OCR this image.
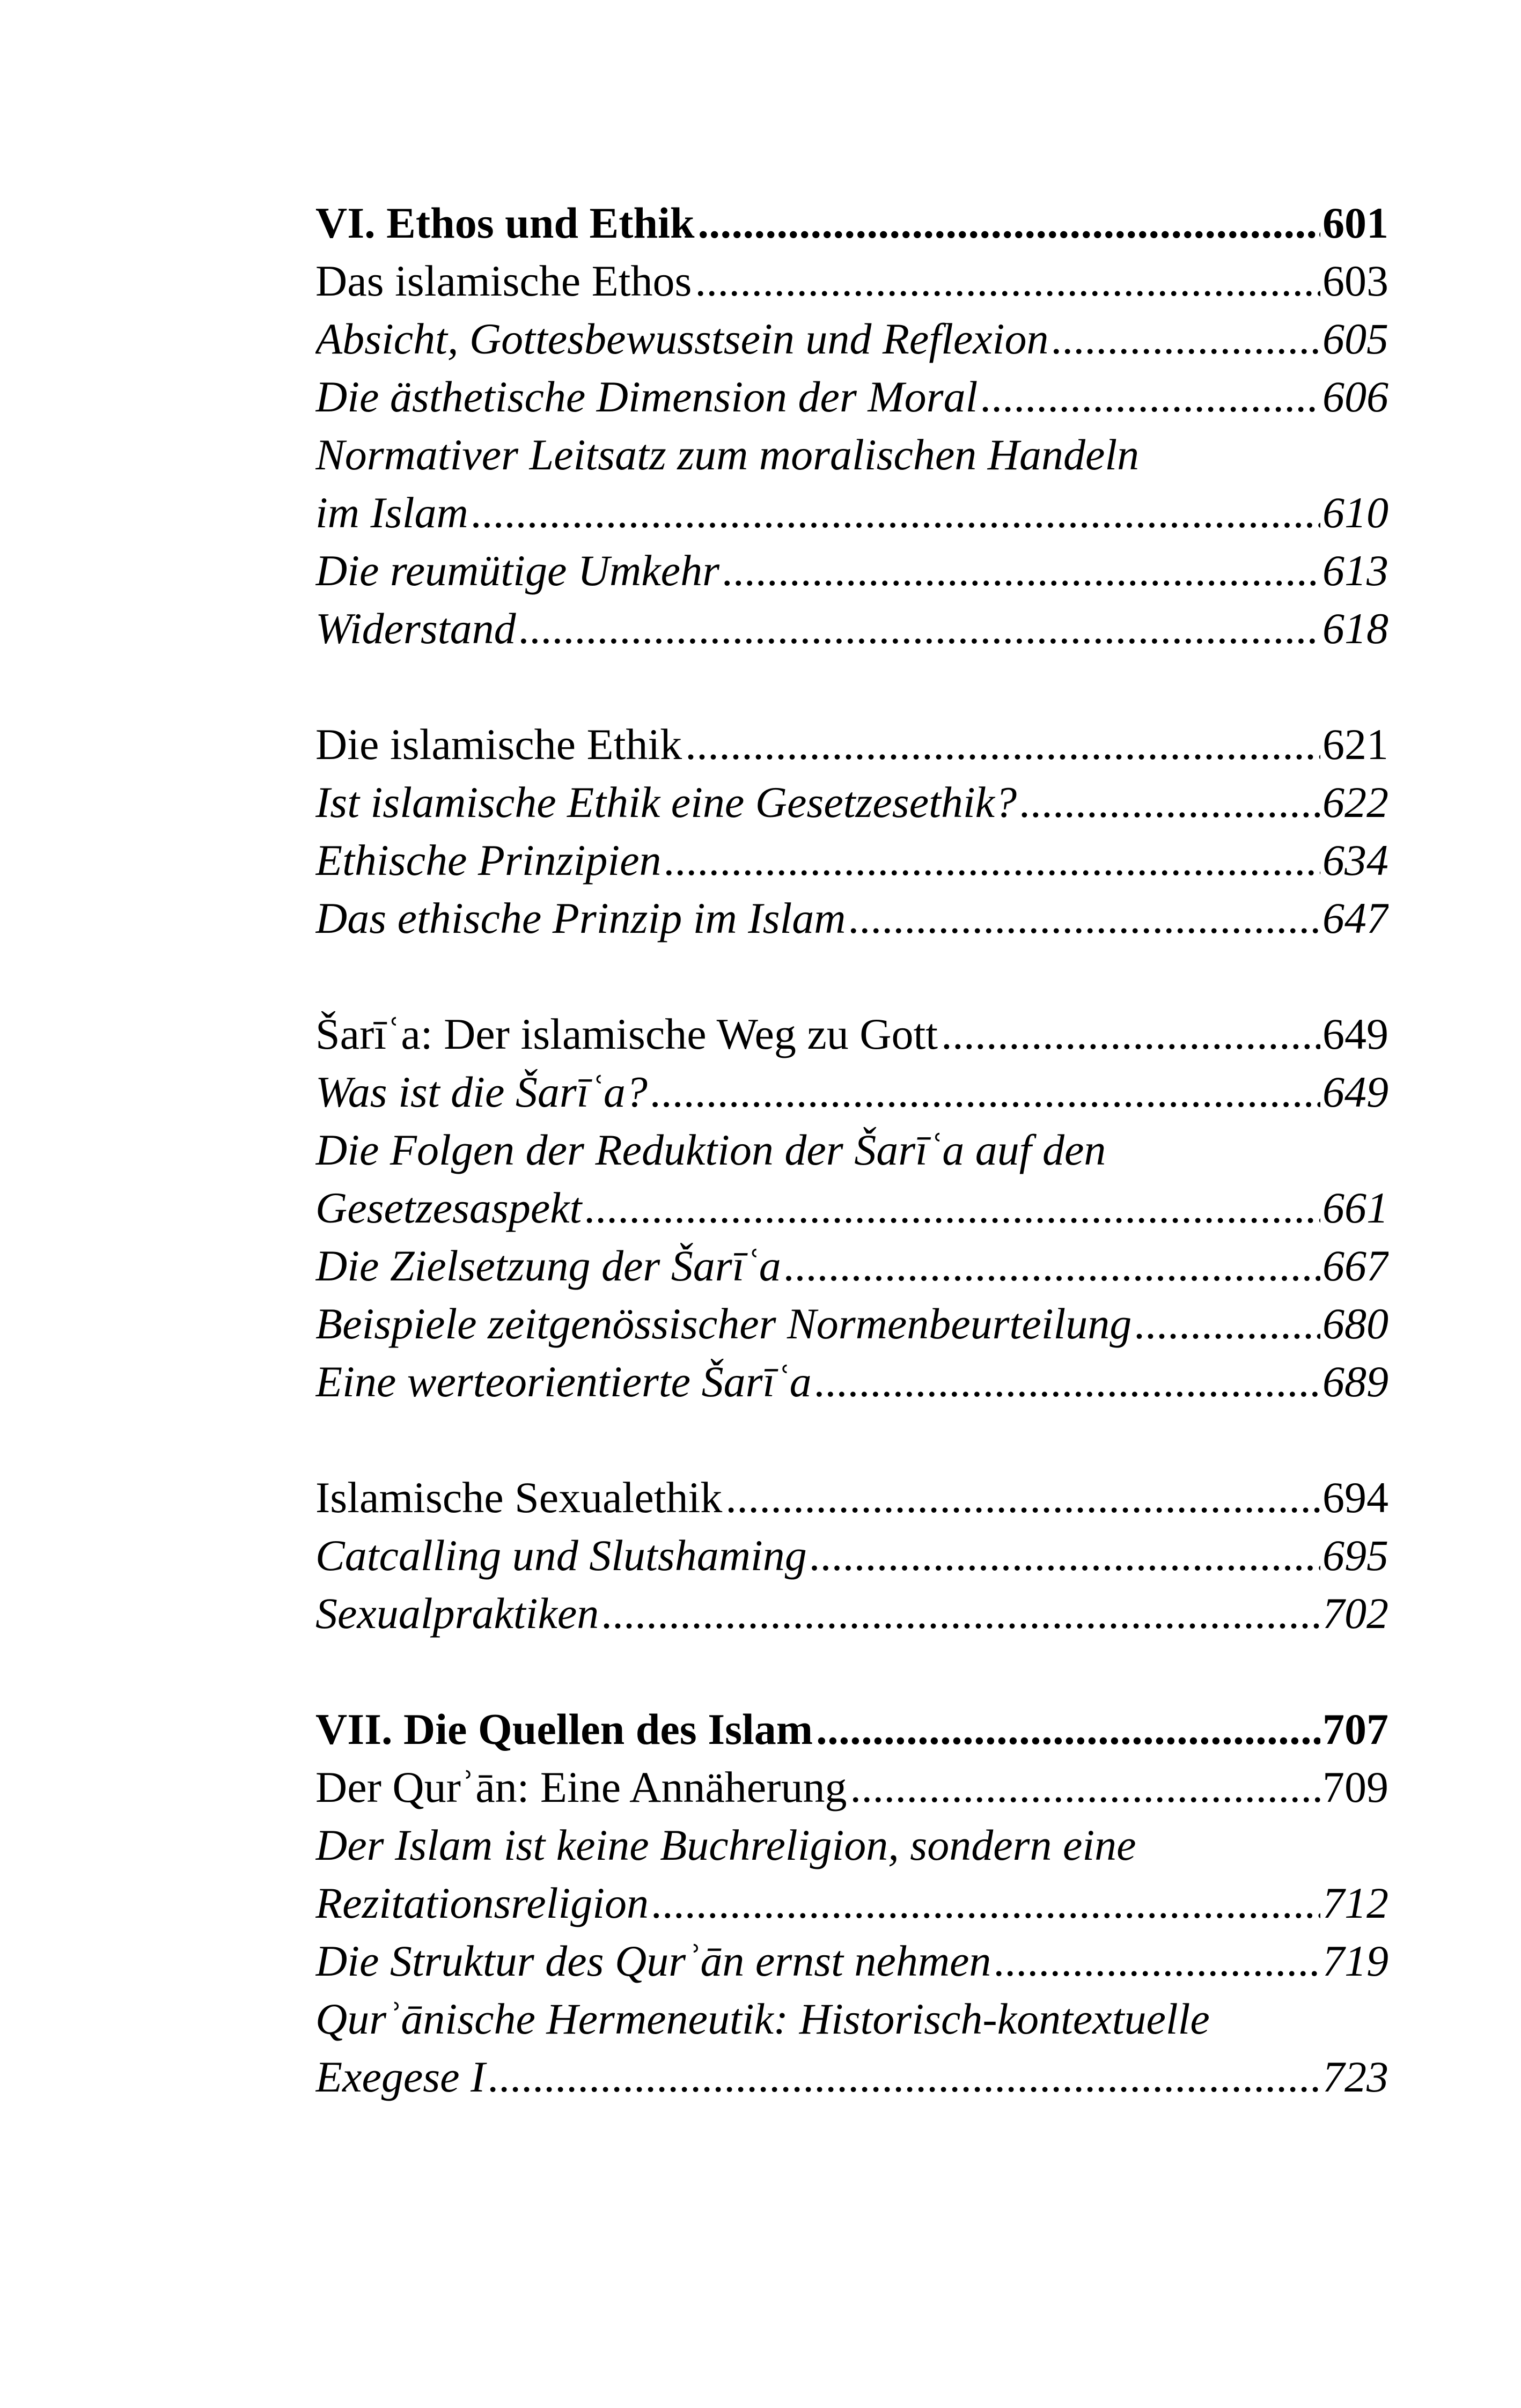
VI. Ethos und Ethik .....	601
Das islamische Ethos .....	603
Absicht, Gottesbewusstsein und Reflexion .....	605
Die ästhetische Dimension der Moral .....	606
Normativer Leitsatz zum moralischen Handeln
im Islam .....	610
Die reumütige Umkehr .....	613
Widerstand .....	618
Die islamische Ethik .....	621
Ist islamische Ethik eine Gesetzesethik? .....	622
Ethische Prinzipien .....	634
Das ethische Prinzip im Islam .....	647
Šarīʿa: Der islamische Weg zu Gott .....	649
Was ist die Šarīʿa? .....	649
Die Folgen der Reduktion der Šarīʿa auf den
Gesetzesaspekt .....	661
Die Zielsetzung der Šarīʿa .....	667
Beispiele zeitgenössischer Normenbeurteilung .....	680
Eine werteorientierte Šarīʿa .....	689
Islamische Sexualethik .....	694
Catcalling und Slutshaming .....	695
Sexualpraktiken .....	702
VII. Die Quellen des Islam .....	707
Der Qurʾān: Eine Annäherung .....	709
Der Islam ist keine Buchreligion, sondern eine
Rezitationsreligion .....	712
Die Struktur des Qurʾān ernst nehmen .....	719
Qurʾānische Hermeneutik: Historisch-kontextuelle
Exegese I .....	723
